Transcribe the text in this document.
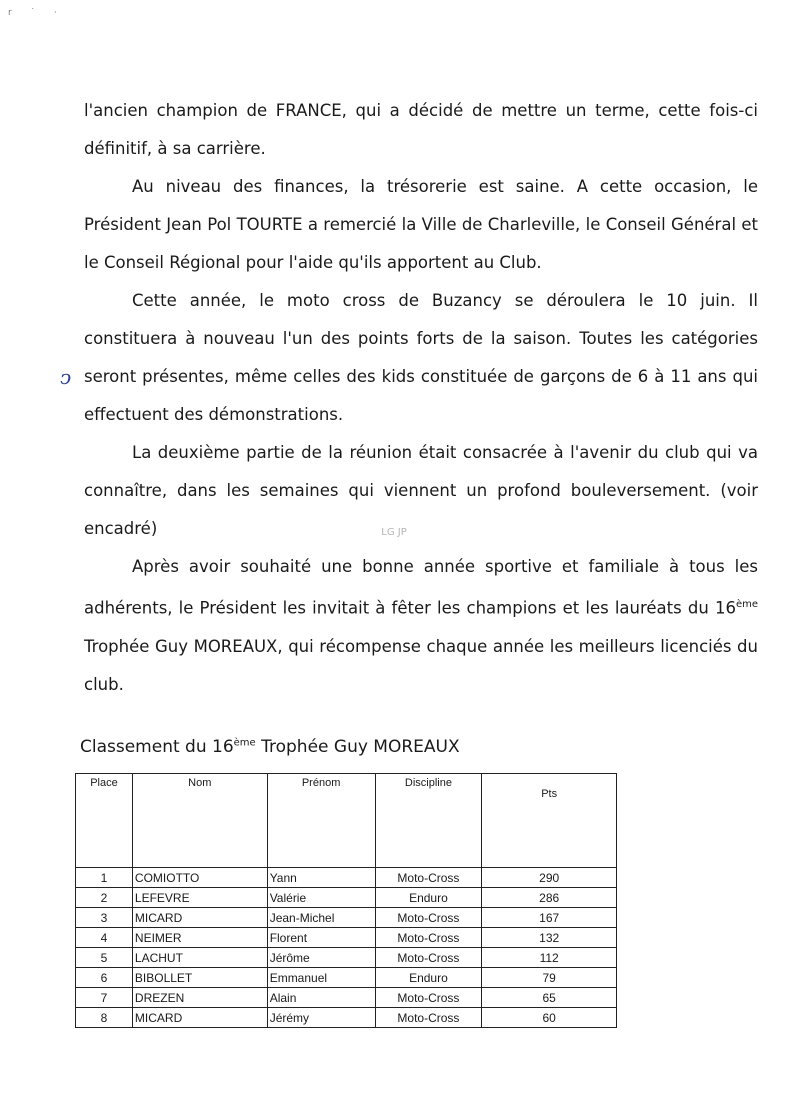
r ˙ ·

l'ancien champion de FRANCE, qui a décidé de mettre un terme, cette fois-ci définitif, à sa carrière.

Au niveau des finances, la trésorerie est saine. A cette occasion, le Président Jean Pol TOURTE a remercié la Ville de Charleville, le Conseil Général et le Conseil Régional pour l'aide qu'ils apportent au Club.

Cette année, le moto cross de Buzancy se déroulera le 10 juin. Il constituera à nouveau l'un des points forts de la saison. Toutes les catégories seront présentes, même celles des kids constituée de garçons de 6 à 11 ans qui effectuent des démonstrations.

La deuxième partie de la réunion était consacrée à l'avenir du club qui va connaître, dans les semaines qui viennent un profond bouleversement. (voir encadré)

Après avoir souhaité une bonne année sportive et familiale à tous les adhérents, le Président les invitait à fêter les champions et les lauréats du 16ème Trophée Guy MOREAUX, qui récompense chaque année les meilleurs licenciés du club.

ↄ
LG JP
Classement du 16ème Trophée Guy MOREAUX
Place	Nom	Prénom	Discipline	Pts
1	COMIOTTO	Yann	Moto-Cross	290
2	LEFEVRE	Valérie	Enduro	286
3	MICARD	Jean-Michel	Moto-Cross	167
4	NEIMER	Florent	Moto-Cross	132
5	LACHUT	Jérôme	Moto-Cross	112
6	BIBOLLET	Emmanuel	Enduro	79
7	DREZEN	Alain	Moto-Cross	65
8	MICARD	Jérémy	Moto-Cross	60
